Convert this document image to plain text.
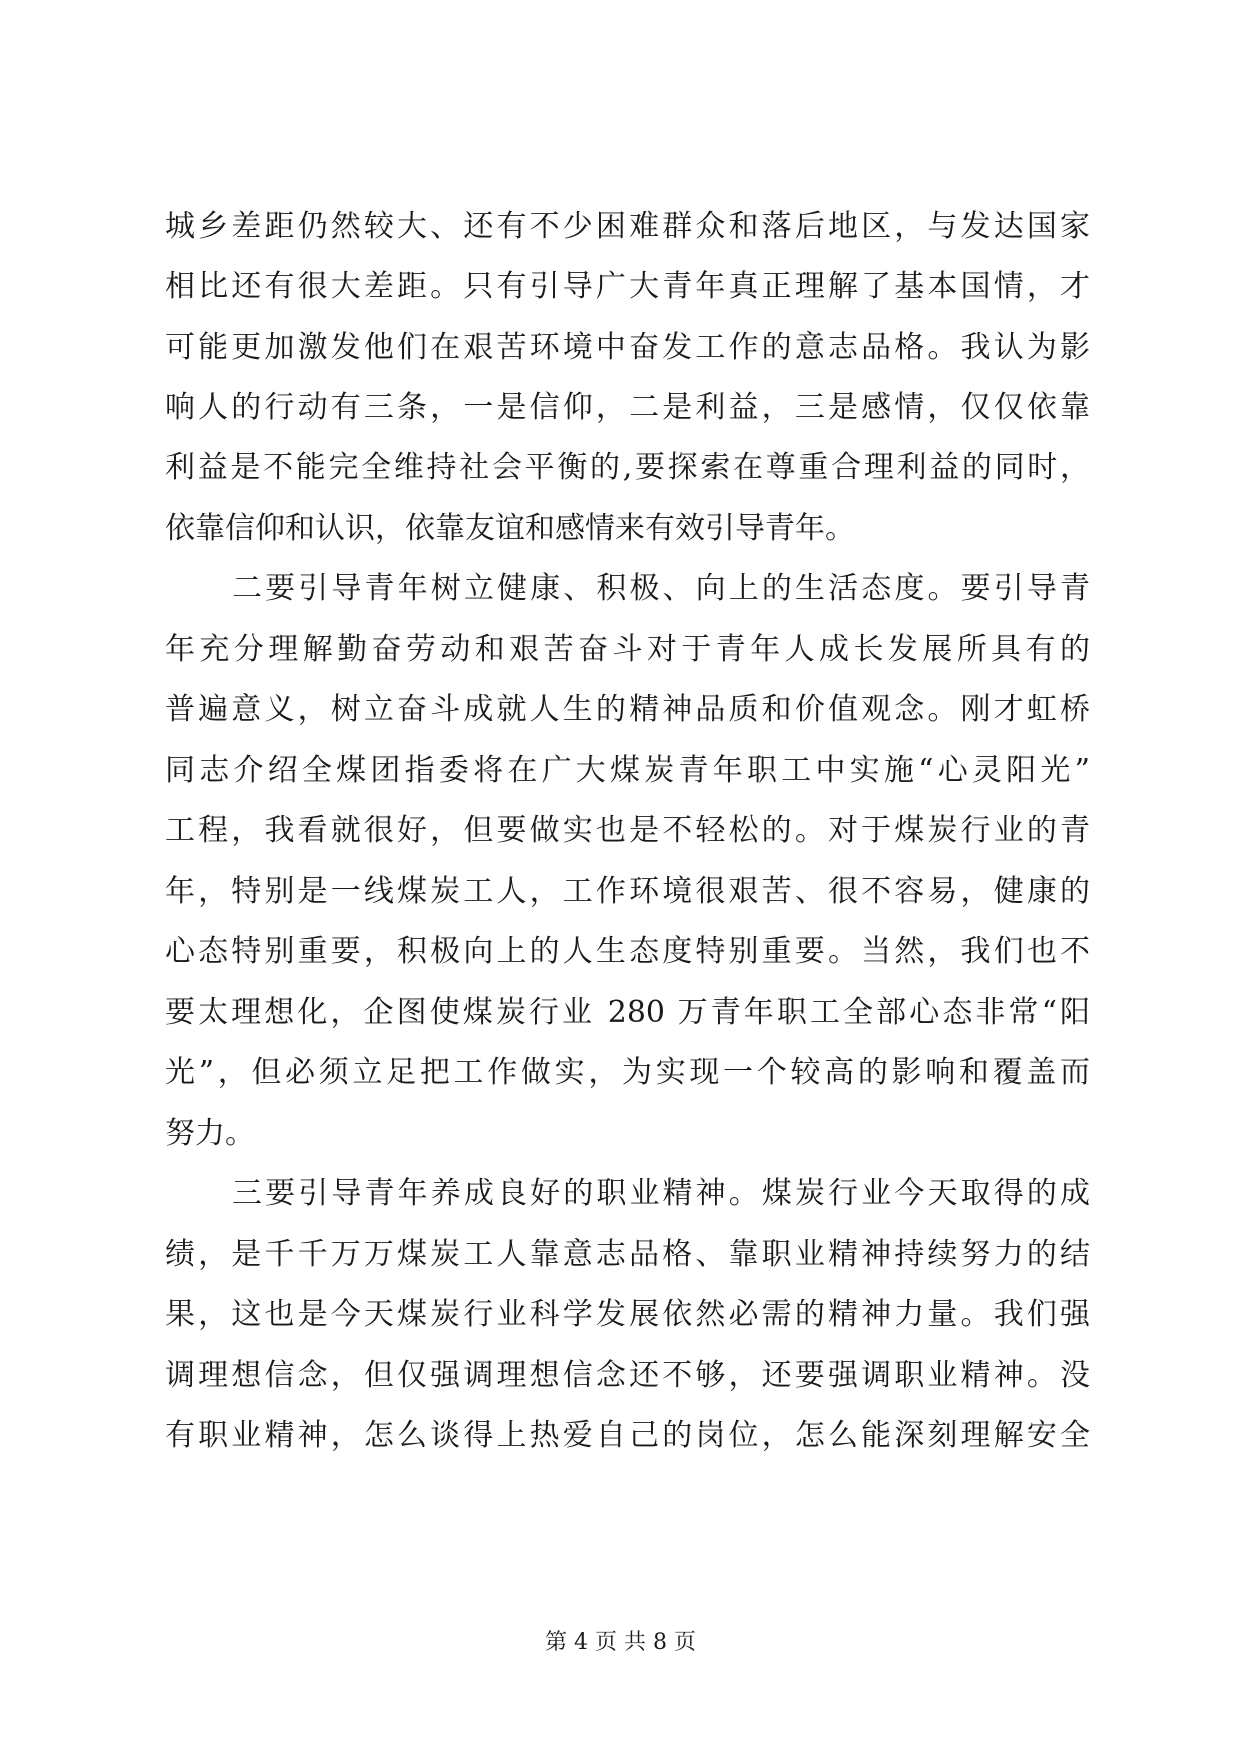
城乡差距仍然较大、还有不少困难群众和落后地区，与发达国家
相比还有很大差距。只有引导广大青年真正理解了基本国情，才
可能更加激发他们在艰苦环境中奋发工作的意志品格。我认为影
响人的行动有三条，一是信仰，二是利益，三是感情，仅仅依靠
利益是不能完全维持社会平衡的,要探索在尊重合理利益的同时，
依靠信仰和认识，依靠友谊和感情来有效引导青年。
二要引导青年树立健康、积极、向上的生活态度。要引导青
年充分理解勤奋劳动和艰苦奋斗对于青年人成长发展所具有的
普遍意义，树立奋斗成就人生的精神品质和价值观念。刚才虹桥
同志介绍全煤团指委将在广大煤炭青年职工中实施“心灵阳光”
工程，我看就很好，但要做实也是不轻松的。对于煤炭行业的青
年，特别是一线煤炭工人，工作环境很艰苦、很不容易，健康的
心态特别重要，积极向上的人生态度特别重要。当然，我们也不
要太理想化，企图使煤炭行业 280 万青年职工全部心态非常“阳
光”，但必须立足把工作做实，为实现一个较高的影响和覆盖而
努力。
三要引导青年养成良好的职业精神。煤炭行业今天取得的成
绩，是千千万万煤炭工人靠意志品格、靠职业精神持续努力的结
果，这也是今天煤炭行业科学发展依然必需的精神力量。我们强
调理想信念，但仅强调理想信念还不够，还要强调职业精神。没
有职业精神，怎么谈得上热爱自己的岗位，怎么能深刻理解安全
第 4 页 共 8 页
